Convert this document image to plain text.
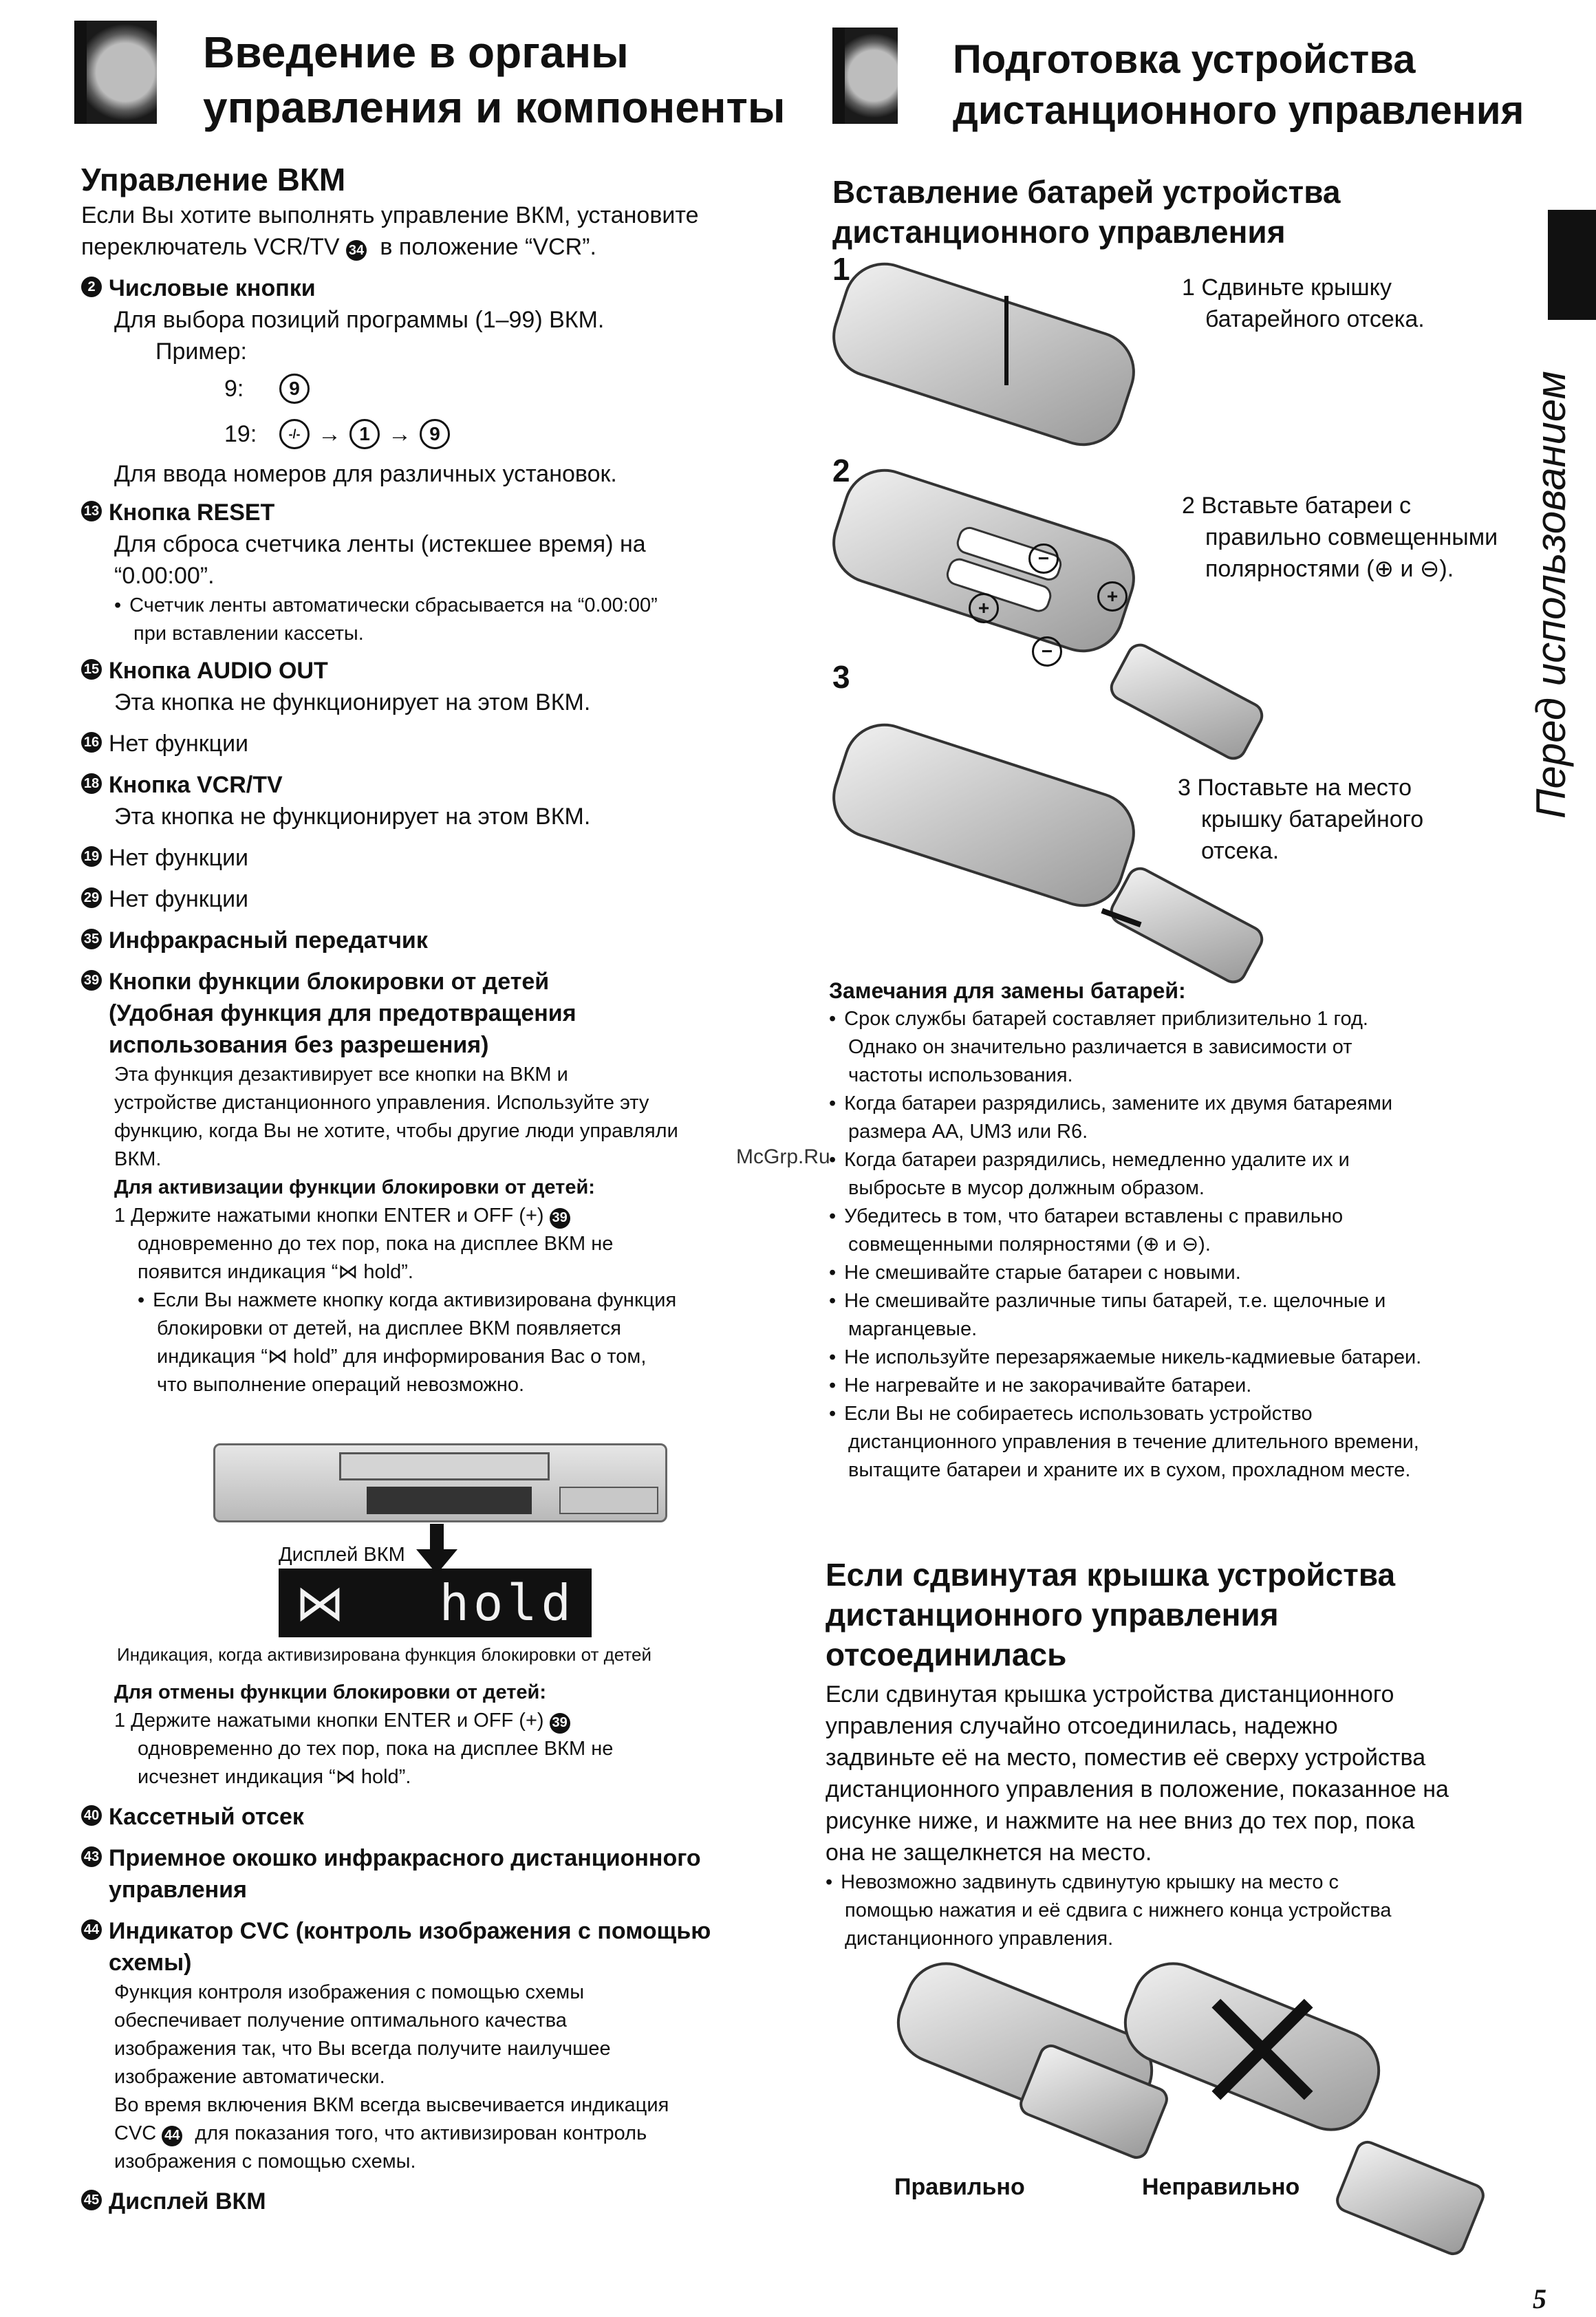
Введение в органы
управления и компоненты
Управление ВКМ
Если Вы хотите выполнять управление ВКМ, установите
переключатель VCR/TV 34 в положение “VCR”.
2 Числовые кнопки
Для выбора позиций программы (1–99) ВКМ.
Пример:
9:	9
19:	-/- → 1 → 9
Для ввода номеров для различных установок.
13 Кнопка RESET
Для сброса счетчика ленты (истекшее время) на
“0.00:00”.
• Счетчик ленты автоматически сбрасывается на “0.00:00”
при вставлении кассеты.
15 Кнопка AUDIO OUT
Эта кнопка не функционирует на этом ВКМ.
16 Нет функции
18 Кнопка VCR/TV
Эта кнопка не функционирует на этом ВКМ.
19 Нет функции
29 Нет функции
35 Инфракрасный передатчик
39 Кнопки функции блокировки от детей
(Удобная функция для предотвращения
использования без разрешения)
Эта функция дезактивирует все кнопки на ВКМ и
устройстве дистанционного управления. Используйте эту
функцию, когда Вы не хотите, чтобы другие люди управляли
ВКМ.
Для активизации функции блокировки от детей:
1 Держите нажатыми кнопки ENTER и OFF (+) 39
одновременно до тех пор, пока на дисплее ВКМ не
появится индикация “⋈ hold”.
• Если Вы нажмете кнопку когда активизирована функция
блокировки от детей, на дисплее ВКМ появляется
индикация “⋈ hold” для информирования Вас о том,
что выполнение операций невозможно.
Дисплей ВКМ
⋈ hold
Индикация, когда активизирована функция блокировки от детей
Для отмены функции блокировки от детей:
1 Держите нажатыми кнопки ENTER и OFF (+) 39
одновременно до тех пор, пока на дисплее ВКМ не
исчезнет индикация “⋈ hold”.
40 Кассетный отсек
43 Приемное окошко инфракрасного дистанционного
управления
44 Индикатор CVC (контроль изображения с помощью
схемы)
Функция контроля изображения с помощью схемы
обеспечивает получение оптимального качества
изображения так, что Вы всегда получите наилучшее
изображение автоматически.
Во время включения ВКМ всегда высвечивается индикация
CVC 44 для показания того, что активизирован контроль
изображения с помощью схемы.
45 Дисплей ВКМ
Подготовка устройства
дистанционного управления
Перед использованием
Вставление батарей устройства
дистанционного управления
1
1 Сдвиньте крышку
батарейного отсека.
2
−
+
+
−
2 Вставьте батареи с
правильно совмещенными
полярностями (⊕ и ⊖).
3
3 Поставьте на место
крышку батарейного
отсека.
Замечания для замены батарей:
• Срок службы батарей составляет приблизительно 1 год.
Однако он значительно различается в зависимости от
частоты использования.
• Когда батареи разрядились, замените их двумя батареями
размера AA, UM3 или R6.
• Когда батареи разрядились, немедленно удалите их и
выбросьте в мусор должным образом.
• Убедитесь в том, что батареи вставлены с правильно
совмещенными полярностями (⊕ и ⊖).
• Не смешивайте старые батареи с новыми.
• Не смешивайте различные типы батарей, т.е. щелочные и
марганцевые.
• Не используйте перезаряжаемые никель-кадмиевые батареи.
• Не нагревайте и не закорачивайте батареи.
• Если Вы не собираетесь использовать устройство
дистанционного управления в течение длительного времени,
вытащите батареи и храните их в сухом, прохладном месте.
McGrp.Ru
Если сдвинутая крышка устройства
дистанционного управления
отсоединилась
Если сдвинутая крышка устройства дистанционного
управления случайно отсоединилась, надежно
задвиньте её на место, поместив её сверху устройства
дистанционного управления в положение, показанное на
рисунке ниже, и нажмите на нее вниз до тех пор, пока
она не защелкнется на место.
• Невозможно задвинуть сдвинутую крышку на место с
помощью нажатия и её сдвига с нижнего конца устройства
дистанционного управления.
Правильно	Неправильно
5
